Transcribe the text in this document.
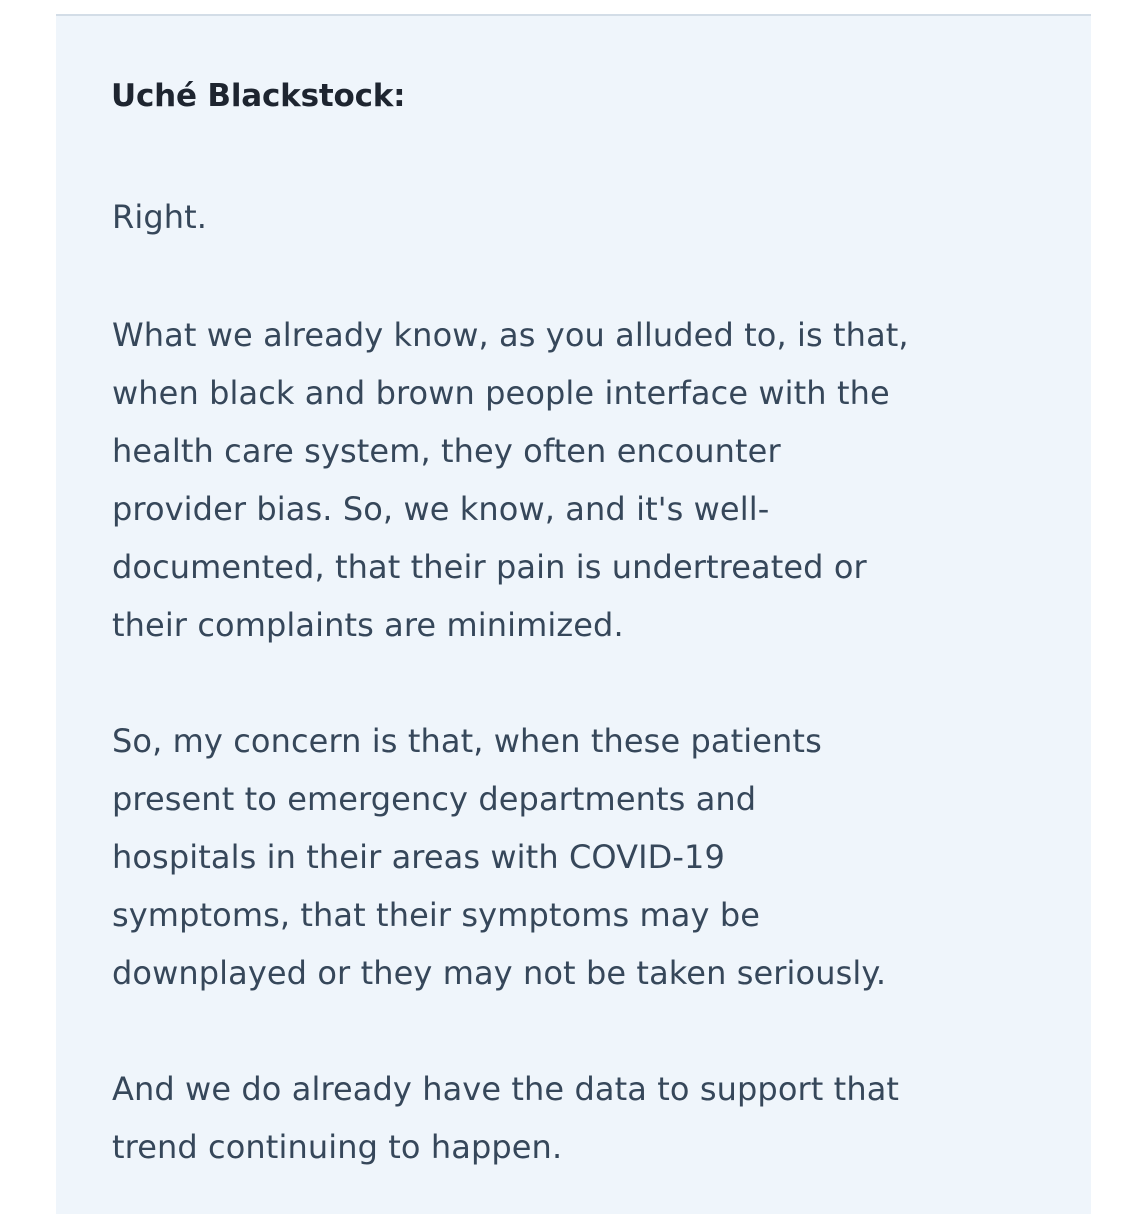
Uché Blackstock:

Right.

What we already know, as you alluded to, is that,
when black and brown people interface with the
health care system, they often encounter
provider bias. So, we know, and it's well-
documented, that their pain is undertreated or
their complaints are minimized.

So, my concern is that, when these patients
present to emergency departments and
hospitals in their areas with COVID-19
symptoms, that their symptoms may be
downplayed or they may not be taken seriously.

And we do already have the data to support that
trend continuing to happen.
